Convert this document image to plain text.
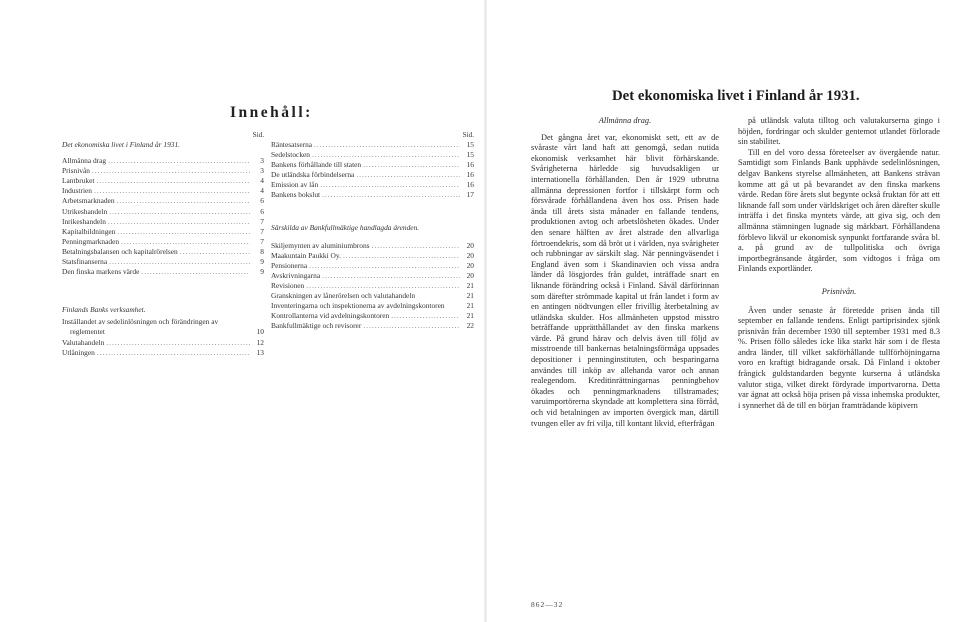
Innehåll:
Sid.
Det ekonomiska livet i Finland år 1931.
Allmänna drag .....	3
Prisnivån .....	3
Lantbruket .....	4
Industrien .....	4
Arbetsmarknaden .....	6
Utrikeshandeln .....	6
Inrikeshandeln .....	7
Kapitalbildningen .....	7
Penningmarknaden .....	7
Betalningsbalansen och kapitalrörelsen .....	8
Statsfinanserna .....	9
Den finska markens värde .....	9
Finlands Banks verksamhet.
Inställandet av sedelinlösningen och förändringen av reglementet	10
Valutahandeln .....	12
Utlåningen .....	13
Sid.
Räntesatserna .....	15
Sedelstocken .....	15
Bankens förhållande till staten .....	16
De utländska förbindelserna .....	16
Emission av lån .....	16
Bankens bokslut .....	17
Särskilda av Bankfullmäktige handlagda ärenden.
Skiljemynten av aluminiumbrons .....	20
Maakuntain Paukki Oy. .....	20
Pensionerna .....	20
Avskrivningarna .....	20
Revisionen .....	21
Granskningen av lånerörelsen och valutahandeln	21
Inventeringarna och inspektionerna av avdelningskontoren	21
Kontrollanterna vid avdelningskontoren .....	21
Bankfullmäktige och revisorer .....	22
Det ekonomiska livet i Finland år 1931.
Allmänna drag.

Det gångna året var, ekonomiskt sett, ett av de svåraste vårt land haft att genomgå, sedan nutida ekonomisk verksamhet här blivit förhärskande. Svårigheterna härledde sig huvudsakligen ur internationella förhållanden. Den år 1929 utbrutna allmänna depressionen fortfor i tillskärpt form och försvårade förhållandena även hos oss. Prisen hade ända till årets sista månader en fallande tendens, produktionen avtog och arbetslösheten ökades. Under den senare hälften av året alstrade den allvarliga förtroendekris, som då bröt ut i världen, nya svårigheter och rubbningar av särskilt slag. När penningväsendet i England även som i Skandinavien och vissa andra länder då lösgjordes från guldet, inträffade snart en liknande förändring också i Finland. Såväl därförinnan som därefter strömmade kapital ut från landet i form av en antingen nödtvungen eller frivillig återbetalning av utländska skulder. Hos allmänheten uppstod misstro beträffande upprätthållandet av den finska markens värde. På grund härav och delvis även till följd av misstroende till bankernas betalningsförmåga uppsades depositioner i penninginstituten, och besparingarna användes till inköp av allehanda varor och annan realegendom. Kreditinrättningarnas penningbehov ökades och penningmarknadens tillstramades; varuimportörerna skyndade att komplettera sina förråd, och vid betalningen av importen övergick man, därtill tvungen eller av fri vilja, till kontant likvid, efterfrågan

på utländsk valuta tilltog och valutakurserna gingo i höjden, fordringar och skulder gentemot utlandet förlorade sin stabilitet.

Till en del voro dessa företeelser av övergående natur. Samtidigt som Finlands Bank upphävde sedelinlösningen, delgav Bankens styrelse allmänheten, att Bankens strävan komme att gå ut på bevarandet av den finska markens värde. Redan före årets slut begynte också fruktan för att ett liknande fall som under världskriget och åren därefter skulle inträffa i det finska myntets värde, att giva sig, och den allmänna stämningen lugnade sig märkbart. Förhållandena förblevo likväl ur ekonomisk synpunkt fortfarande svåra bl. a. på grund av de tullpolitiska och övriga importbegränsande åtgärder, som vidtogos i fråga om Finlands exportländer.

Prisnivån.

Även under senaste år företedde prisen ända till september en fallande tendens. Enligt partiprisindex sjönk prisnivån från december 1930 till september 1931 med 8.3 %. Prisen föllo således icke lika starkt här som i de flesta andra länder, till vilket sakförhållande tullförhöjningarna voro en kraftigt bidragande orsak. Då Finland i oktober frångick guldstandarden begynte kurserna å utländska valutor stiga, vilket direkt fördyrade importvarorna. Detta var ägnat att också höja prisen på vissa inhemska produkter, i synnerhet då de till en början framträdande köpivern

862—32
